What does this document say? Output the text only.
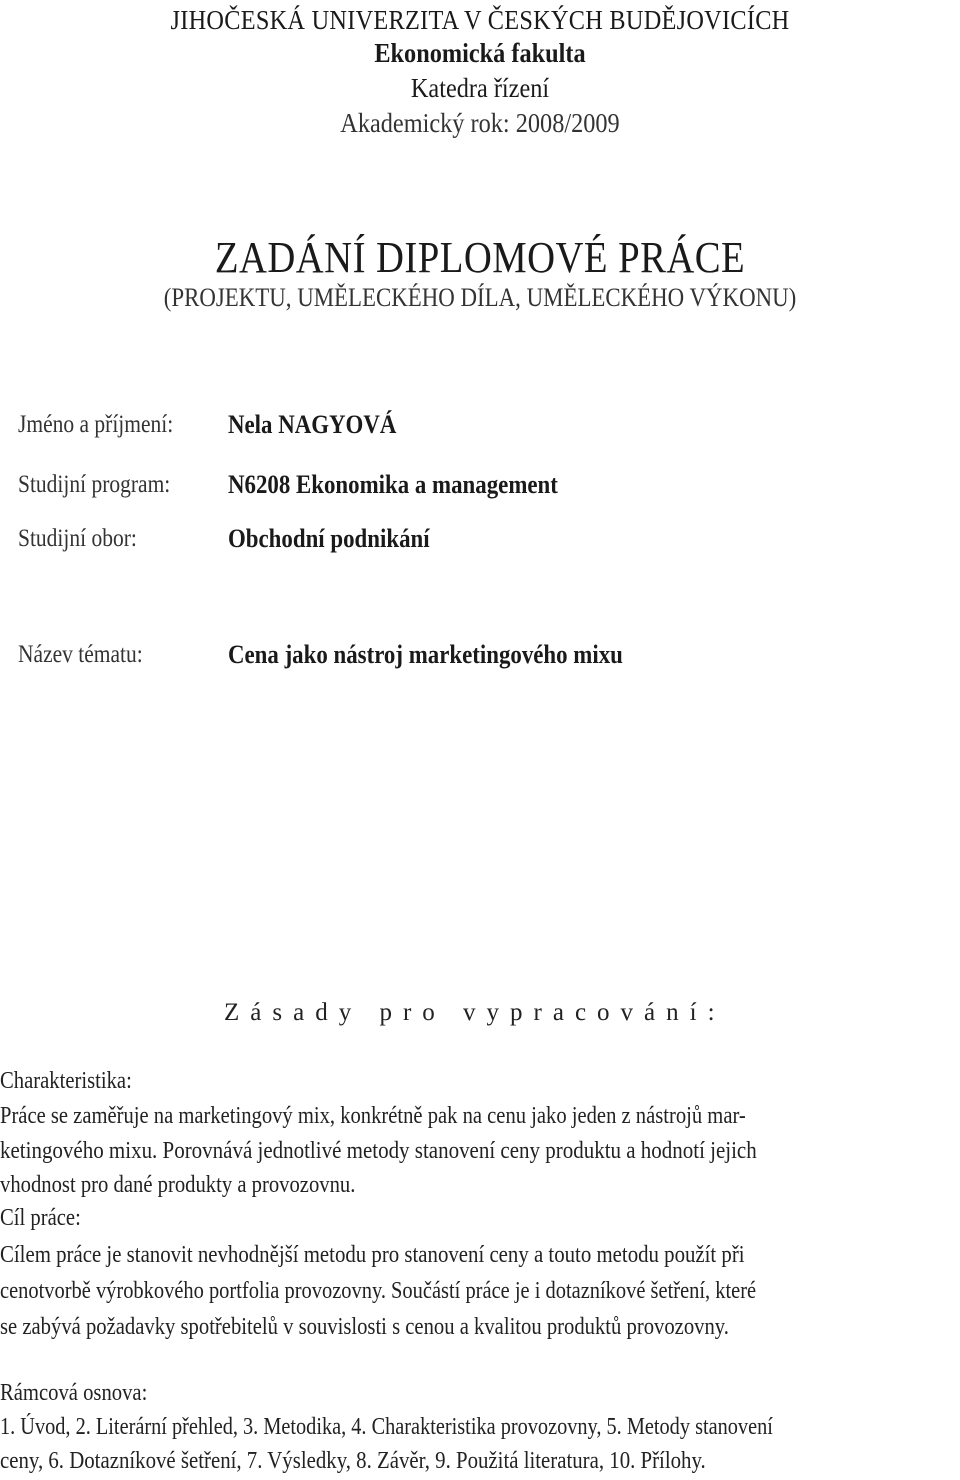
JIHOČESKÁ UNIVERZITA V ČESKÝCH BUDĚJOVICÍCH
Ekonomická fakulta
Katedra řízení
Akademický rok: 2008/2009
ZADÁNÍ DIPLOMOVÉ PRÁCE
(PROJEKTU, UMĚLECKÉHO DÍLA, UMĚLECKÉHO VÝKONU)
Jméno a příjmení: Nela NAGYOVÁ
Studijní program: N6208 Ekonomika a management
Studijní obor:	Obchodní podnikání
Název tématu:	Cena jako nástroj marketingového mixu
Zásady pro vypracování:
Charakteristika:
Práce se zaměřuje na marketingový mix, konkrétně pak na cenu jako jeden z nástrojů mar-
ketingového mixu. Porovnává jednotlivé metody stanovení ceny produktu a hodnotí jejich
vhodnost pro dané produkty a provozovnu.
Cíl práce:
Cílem práce je stanovit nevhodnější metodu pro stanovení ceny a touto metodu použít při
cenotvorbě výrobkového portfolia provozovny. Součástí práce je i dotazníkové šetření, které
se zabývá požadavky spotřebitelů v souvislosti s cenou a kvalitou produktů provozovny.
Rámcová osnova:
1. Úvod, 2. Literární přehled, 3. Metodika, 4. Charakteristika provozovny, 5. Metody stanovení
ceny, 6. Dotazníkové šetření, 7. Výsledky, 8. Závěr, 9. Použitá literatura, 10. Přílohy.
